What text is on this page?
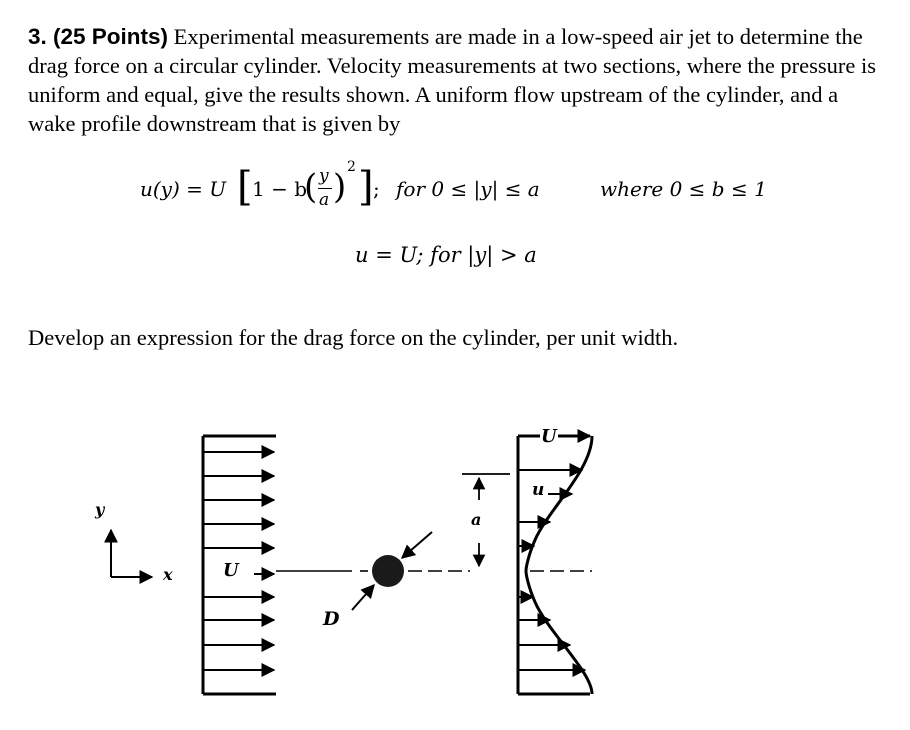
3. (25 Points) Experimental measurements are made in a low-speed air jet to determine the drag force on a circular cylinder. Velocity measurements at two sections, where the pressure is uniform and equal, give the results shown. A uniform flow upstream of the cylinder, and a wake profile downstream that is given by

u(y) = U [ 1 − b
( y
a ) 2 ] ; for 0 ≤ |y| ≤ a	where 0 ≤ b ≤ 1
u = U; for |y| > a

Develop an expression for the drag force on the cylinder, per unit width.

y
x	U
D
a
U
u
